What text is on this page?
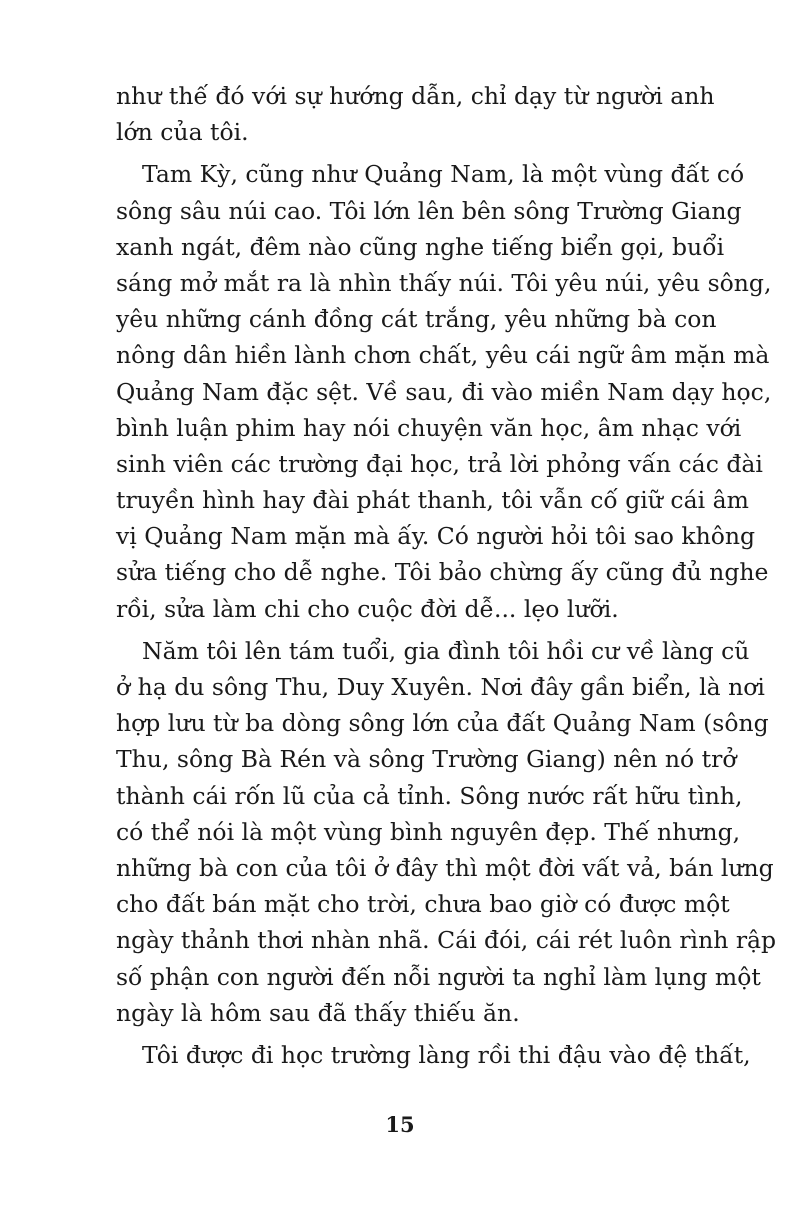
như thế đó với sự hướng dẫn, chỉ dạy từ người anh
lớn của tôi.
Tam Kỳ, cũng như Quảng Nam, là một vùng đất có
sông sâu núi cao. Tôi lớn lên bên sông Trường Giang
xanh ngát, đêm nào cũng nghe tiếng biển gọi, buổi
sáng mở mắt ra là nhìn thấy núi. Tôi yêu núi, yêu sông,
yêu những cánh đồng cát trắng, yêu những bà con
nông dân hiền lành chơn chất, yêu cái ngữ âm mặn mà
Quảng Nam đặc sệt. Về sau, đi vào miền Nam dạy học,
bình luận phim hay nói chuyện văn học, âm nhạc với
sinh viên các trường đại học, trả lời phỏng vấn các đài
truyền hình hay đài phát thanh, tôi vẫn cố giữ cái âm
vị Quảng Nam mặn mà ấy. Có người hỏi tôi sao không
sửa tiếng cho dễ nghe. Tôi bảo chừng ấy cũng đủ nghe
rồi, sửa làm chi cho cuộc đời dễ... lẹo lưỡi.
Năm tôi lên tám tuổi, gia đình tôi hồi cư về làng cũ
ở hạ du sông Thu, Duy Xuyên. Nơi đây gần biển, là nơi
hợp lưu từ ba dòng sông lớn của đất Quảng Nam (sông
Thu, sông Bà Rén và sông Trường Giang) nên nó trở
thành cái rốn lũ của cả tỉnh. Sông nước rất hữu tình,
có thể nói là một vùng bình nguyên đẹp. Thế nhưng,
những bà con của tôi ở đây thì một đời vất vả, bán lưng
cho đất bán mặt cho trời, chưa bao giờ có được một
ngày thảnh thơi nhàn nhã. Cái đói, cái rét luôn rình rập
số phận con người đến nỗi người ta nghỉ làm lụng một
ngày là hôm sau đã thấy thiếu ăn.
Tôi được đi học trường làng rồi thi đậu vào đệ thất,
15
